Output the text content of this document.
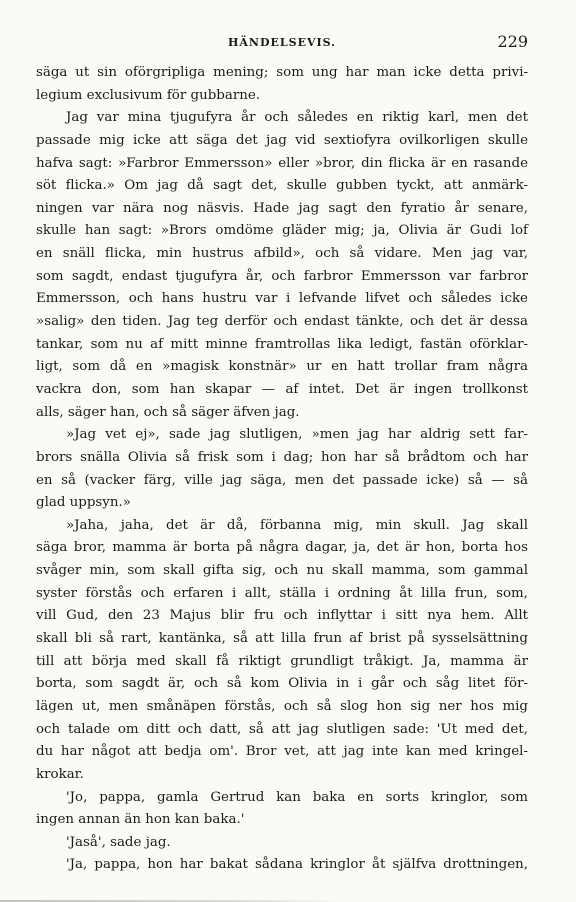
HÄNDELSEVIS.	229
säga ut sin oförgripliga mening; som ung har man icke detta privi-
legium exclusivum för gubbarne.
Jag var mina tjugufyra år och således en riktig karl, men det
passade mig icke att säga det jag vid sextiofyra ovilkorligen skulle
hafva sagt: »Farbror Emmersson» eller »bror, din flicka är en rasande
söt flicka.» Om jag då sagt det, skulle gubben tyckt, att anmärk-
ningen var nära nog näsvis. Hade jag sagt den fyratio år senare,
skulle han sagt: »Brors omdöme gläder mig; ja, Olivia är Gudi lof
en snäll flicka, min hustrus afbild», och så vidare. Men jag var,
som sagdt, endast tjugufyra år, och farbror Emmersson var farbror
Emmersson, och hans hustru var i lefvande lifvet och således icke
»salig» den tiden. Jag teg derför och endast tänkte, och det är dessa
tankar, som nu af mitt minne framtrollas lika ledigt, fastän oförklar-
ligt, som då en »magisk konstnär» ur en hatt trollar fram några
vackra don, som han skapar — af intet. Det är ingen trollkonst
alls, säger han, och så säger äfven jag.
»Jag vet ej», sade jag slutligen, »men jag har aldrig sett far-
brors snälla Olivia så frisk som i dag; hon har så brådtom och har
en så (vacker färg, ville jag säga, men det passade icke) så — så
glad uppsyn.»
»Jaha, jaha, det är då, förbanna mig, min skull. Jag skall
säga bror, mamma är borta på några dagar, ja, det är hon, borta hos
svåger min, som skall gifta sig, och nu skall mamma, som gammal
syster förstås och erfaren i allt, ställa i ordning åt lilla frun, som,
vill Gud, den 23 Majus blir fru och inflyttar i sitt nya hem. Allt
skall bli så rart, kantänka, så att lilla frun af brist på sysselsättning
till att börja med skall få riktigt grundligt tråkigt. Ja, mamma är
borta, som sagdt är, och så kom Olivia in i går och såg litet för-
lägen ut, men smånäpen förstås, och så slog hon sig ner hos mig
och talade om ditt och datt, så att jag slutligen sade: 'Ut med det,
du har något att bedja om'. Bror vet, att jag inte kan med kringel-
krokar.
'Jo, pappa, gamla Gertrud kan baka en sorts kringlor, som
ingen annan än hon kan baka.'
'Jaså', sade jag.
'Ja, pappa, hon har bakat sådana kringlor åt själfva drottningen,
